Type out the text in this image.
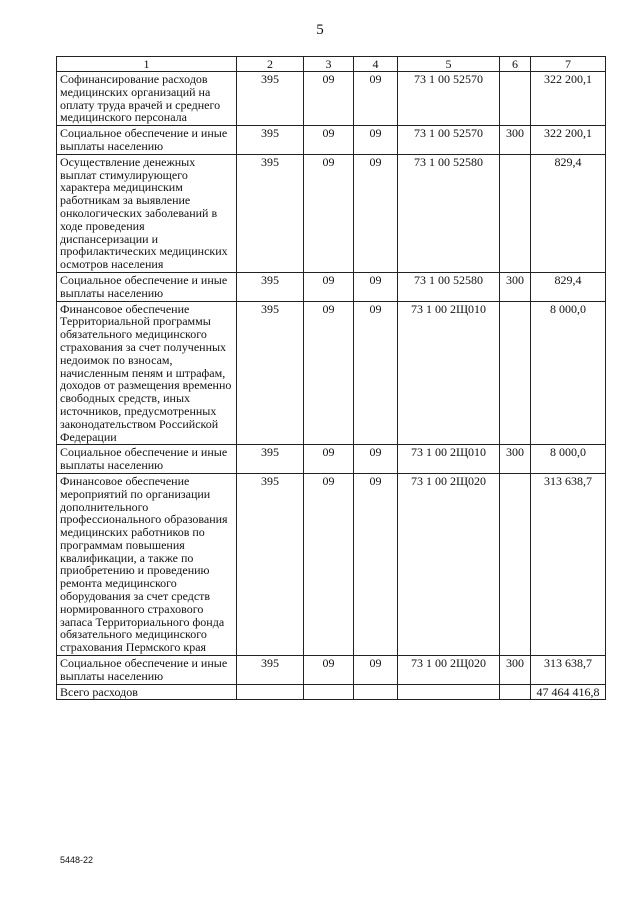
5
1	2	3	4	5	6	7
Софинансирование расходов медицинских организаций на оплату труда врачей и среднего медицинского персонала	395	09	09	73 1 00 52570		322 200,1
Социальное обеспечение и иные выплаты населению	395	09	09	73 1 00 52570	300	322 200,1
Осуществление денежных выплат стимулирующего характера медицинским работникам за выявление онкологических заболеваний в ходе проведения диспансеризации и профилактических медицинских осмотров населения	395	09	09	73 1 00 52580		829,4
Социальное обеспечение и иные выплаты населению	395	09	09	73 1 00 52580	300	829,4
Финансовое обеспечение Территориальной программы обязательного медицинского страхования за счет полученных недоимок по взносам, начисленным пеням и штрафам, доходов от размещения временно свободных средств, иных источников, предусмотренных законодательством Российской Федерации	395	09	09	73 1 00 2Щ010		8 000,0
Социальное обеспечение и иные выплаты населению	395	09	09	73 1 00 2Щ010	300	8 000,0
Финансовое обеспечение мероприятий по организации дополнительного профессионального образования медицинских работников по программам повышения квалификации, а также по приобретению и проведению ремонта медицинского оборудования за счет средств нормированного страхового запаса Территориального фонда обязательного медицинского страхования Пермского края	395	09	09	73 1 00 2Щ020		313 638,7
Социальное обеспечение и иные выплаты населению	395	09	09	73 1 00 2Щ020	300	313 638,7
Всего расходов						47 464 416,8
5448-22
